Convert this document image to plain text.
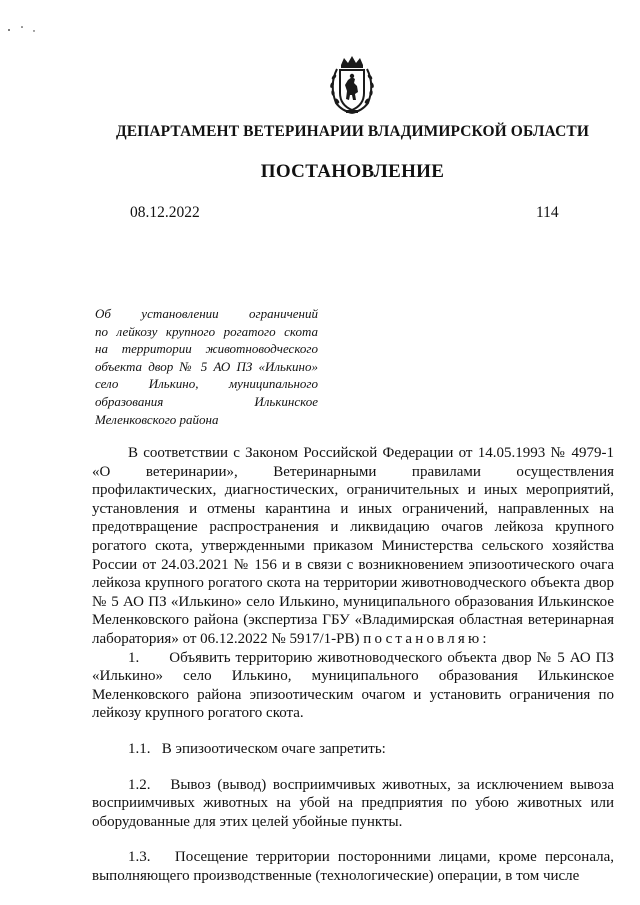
ДЕПАРТАМЕНТ ВЕТЕРИНАРИИ ВЛАДИМИРСКОЙ ОБЛАСТИ
ПОСТАНОВЛЕНИЕ
08.12.2022	114
Об установлении ограничений
по лейкозу крупного рогатого скота
на территории животноводческого
объекта двор № 5 АО ПЗ «Илькино»
село Илькино, муниципального
образования Илькинское
Меленковского района

В соответствии с Законом Российской Федерации от 14.05.1993 № 4979-1 «О ветеринарии», Ветеринарными правилами осуществления профилактических, диагностических, ограничительных и иных мероприятий, установления и отмены карантина и иных ограничений, направленных на предотвращение распространения и ликвидацию очагов лейкоза крупного рогатого скота, утвержденными приказом Министерства сельского хозяйства России от 24.03.2021 № 156 и в связи с возникновением эпизоотического очага лейкоза крупного рогатого скота на территории животноводческого объекта двор № 5 АО ПЗ «Илькино» село Илькино, муниципального образования Илькинское Меленковского района (экспертиза ГБУ «Владимирская областная ветеринарная лаборатория» от 06.12.2022 № 5917/1-РВ) постановляю:

1. Объявить территорию животноводческого объекта двор № 5 АО ПЗ «Илькино» село Илькино, муниципального образования Илькинское Меленковского района эпизоотическим очагом и установить ограничения по лейкозу крупного рогатого скота.

1.1. В эпизоотическом очаге запретить:

1.2. Вывоз (вывод) восприимчивых животных, за исключением вывоза восприимчивых животных на убой на предприятия по убою животных или оборудованные для этих целей убойные пункты.

1.3. Посещение территории посторонними лицами, кроме персонала, выполняющего производственные (технологические) операции, в том числе
